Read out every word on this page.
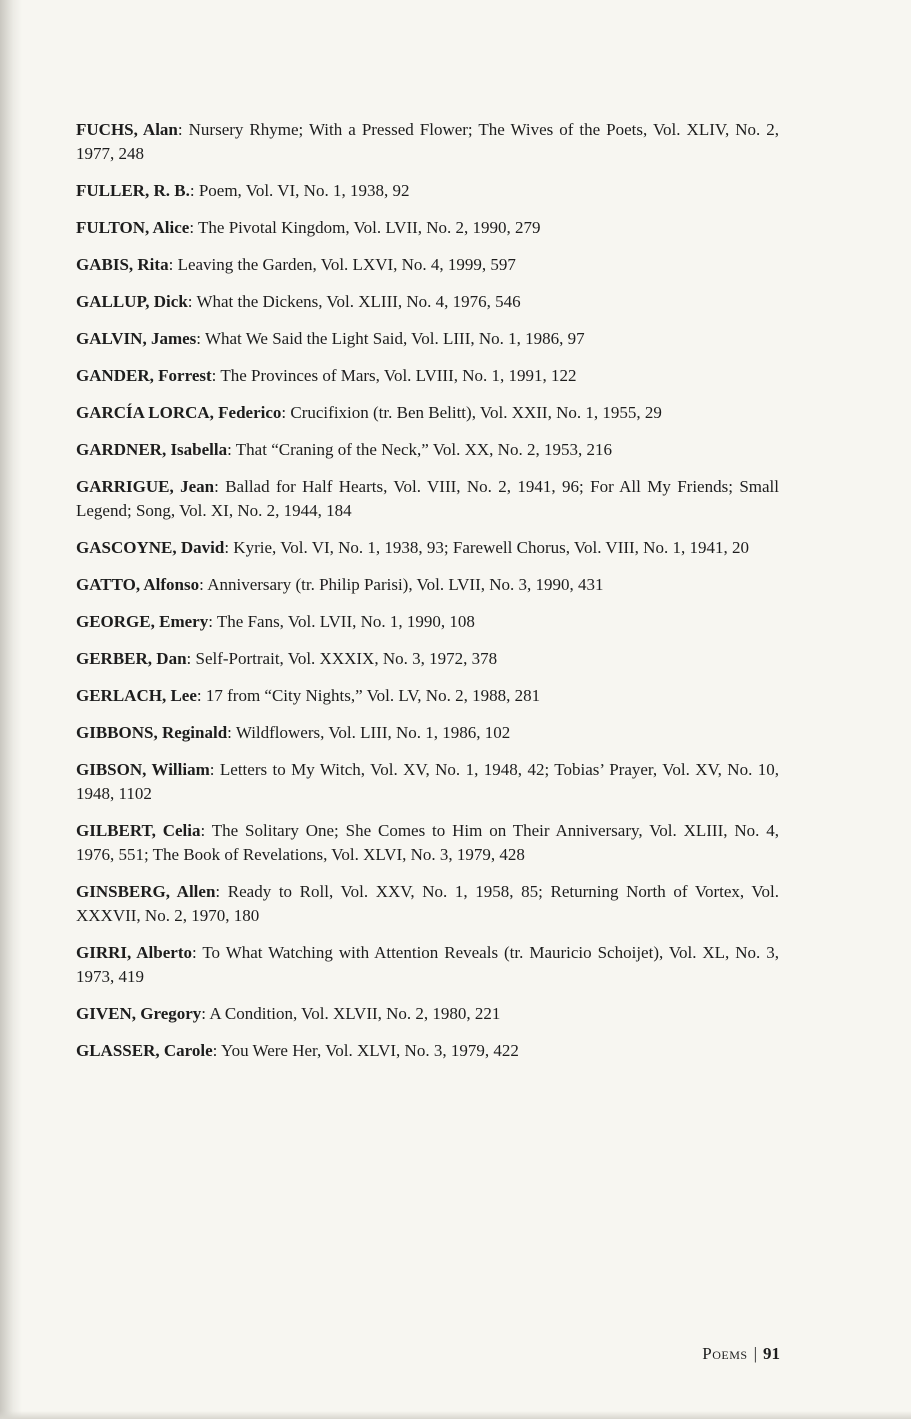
FUCHS, Alan: Nursery Rhyme; With a Pressed Flower; The Wives of the Poets, Vol. XLIV, No. 2, 1977, 248

FULLER, R. B.: Poem, Vol. VI, No. 1, 1938, 92

FULTON, Alice: The Pivotal Kingdom, Vol. LVII, No. 2, 1990, 279

GABIS, Rita: Leaving the Garden, Vol. LXVI, No. 4, 1999, 597

GALLUP, Dick: What the Dickens, Vol. XLIII, No. 4, 1976, 546

GALVIN, James: What We Said the Light Said, Vol. LIII, No. 1, 1986, 97

GANDER, Forrest: The Provinces of Mars, Vol. LVIII, No. 1, 1991, 122

GARCÍA LORCA, Federico: Crucifixion (tr. Ben Belitt), Vol. XXII, No. 1, 1955, 29

GARDNER, Isabella: That “Craning of the Neck,” Vol. XX, No. 2, 1953, 216

GARRIGUE, Jean: Ballad for Half Hearts, Vol. VIII, No. 2, 1941, 96; For All My Friends; Small Legend; Song, Vol. XI, No. 2, 1944, 184

GASCOYNE, David: Kyrie, Vol. VI, No. 1, 1938, 93; Farewell Chorus, Vol. VIII, No. 1, 1941, 20

GATTO, Alfonso: Anniversary (tr. Philip Parisi), Vol. LVII, No. 3, 1990, 431

GEORGE, Emery: The Fans, Vol. LVII, No. 1, 1990, 108

GERBER, Dan: Self-Portrait, Vol. XXXIX, No. 3, 1972, 378

GERLACH, Lee: 17 from “City Nights,” Vol. LV, No. 2, 1988, 281

GIBBONS, Reginald: Wildflowers, Vol. LIII, No. 1, 1986, 102

GIBSON, William: Letters to My Witch, Vol. XV, No. 1, 1948, 42; Tobias’ Prayer, Vol. XV, No. 10, 1948, 1102

GILBERT, Celia: The Solitary One; She Comes to Him on Their Anniversary, Vol. XLIII, No. 4, 1976, 551; The Book of Revelations, Vol. XLVI, No. 3, 1979, 428

GINSBERG, Allen: Ready to Roll, Vol. XXV, No. 1, 1958, 85; Returning North of Vortex, Vol. XXXVII, No. 2, 1970, 180

GIRRI, Alberto: To What Watching with Attention Reveals (tr. Mauricio Schoijet), Vol. XL, No. 3, 1973, 419

GIVEN, Gregory: A Condition, Vol. XLVII, No. 2, 1980, 221

GLASSER, Carole: You Were Her, Vol. XLVI, No. 3, 1979, 422

Poems | 91
